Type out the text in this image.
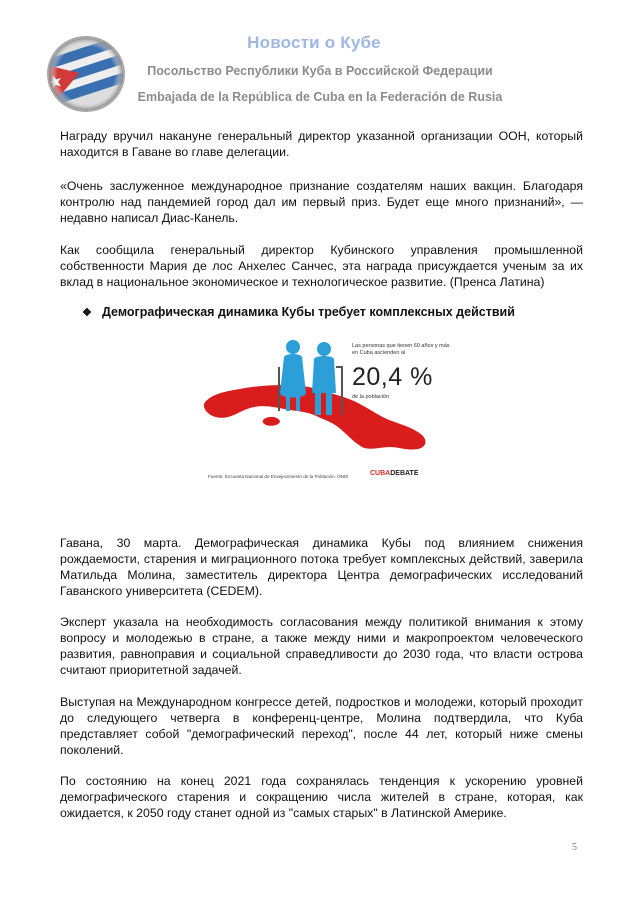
Новости о Кубе
Посольство Республики Куба в Российской Федерации
Embajada de la República de Cuba en la Federación de Rusia

Награду вручил накануне генеральный директор указанной организации ООН, который находится в Гаване во главе делегации.

«Очень заслуженное международное признание создателям наших вакцин. Благодаря контролю над пандемией город дал им первый приз. Будет еще много признаний», — недавно написал Диас-Канель.

Как сообщила генеральный директор Кубинского управления промышленной собственности Мария де лос Анхелес Санчес, эта награда присуждается ученым за их вклад в национальное экономическое и технологическое развитие. (Пренса Латина)

❖ Демографическая динамика Кубы требует комплексных действий
Las personas que tienen 60 años y más en Cuba ascienden al
20,4 %
de la población
Fuente: Encuesta Nacional de Envejecimiento de la Población. ONEI	CUBADEBATE

Гавана, 30 марта. Демографическая динамика Кубы под влиянием снижения рождаемости, старения и миграционного потока требует комплексных действий, заверила Матильда Молина, заместитель директора Центра демографических исследований Гаванского университета (CEDEM).

Эксперт указала на необходимость согласования между политикой внимания к этому вопросу и молодежью в стране, а также между ними и макропроектом человеческого развития, равноправия и социальной справедливости до 2030 года, что власти острова считают приоритетной задачей.

Выступая на Международном конгрессе детей, подростков и молодежи, который проходит до следующего четверга в конференц-центре, Молина подтвердила, что Куба представляет собой "демографический переход", после 44 лет, который ниже смены поколений.

По состоянию на конец 2021 года сохранялась тенденция к ускорению уровней демографического старения и сокращению числа жителей в стране, которая, как ожидается, к 2050 году станет одной из "самых старых" в Латинской Америке.

5
